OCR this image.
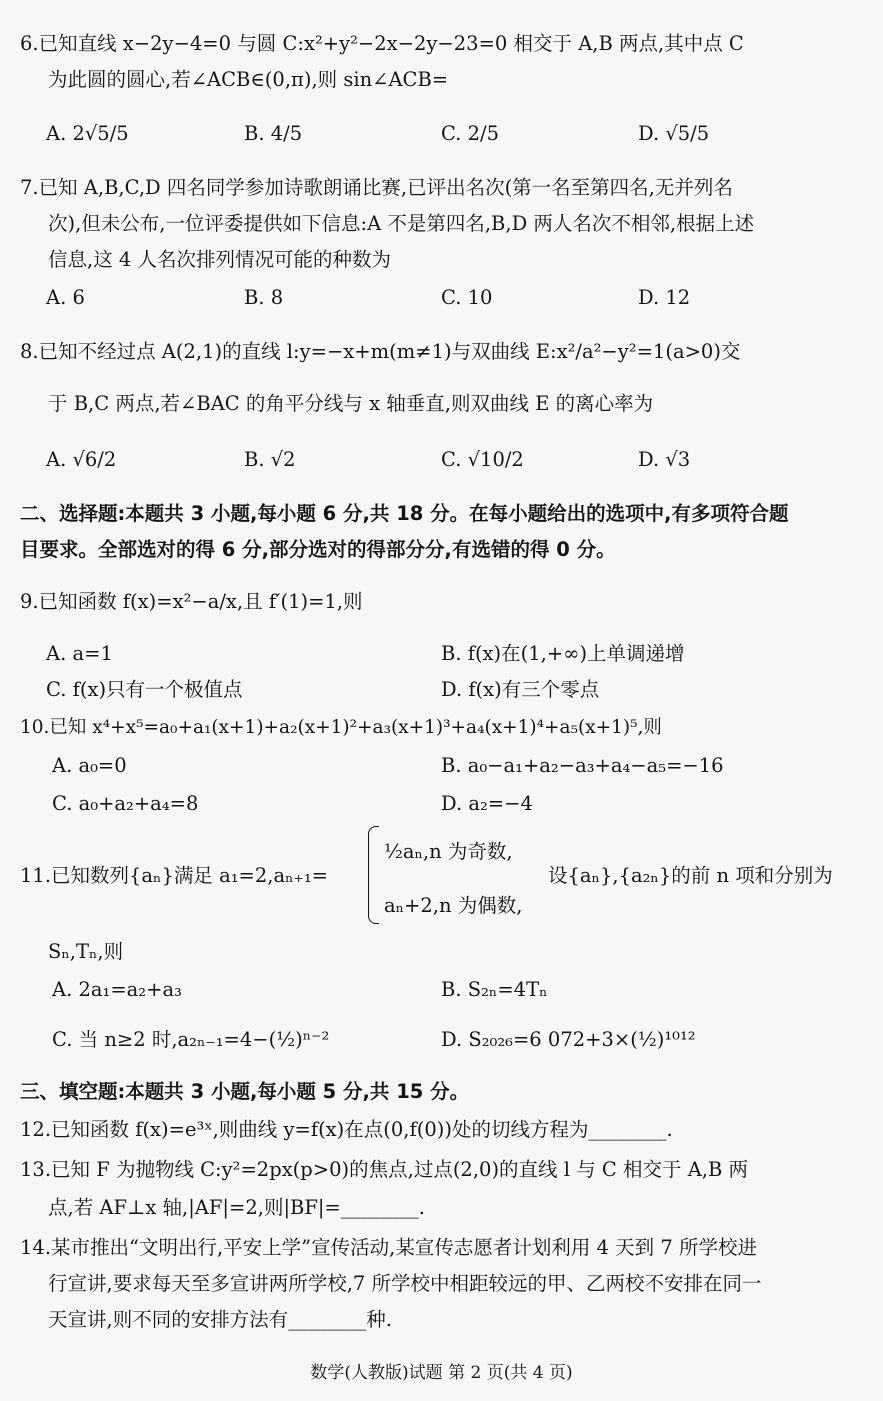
6.已知直线 x−2y−4=0 与圆 C:x²+y²−2x−2y−23=0 相交于 A,B 两点,其中点 C
为此圆的圆心,若∠ACB∈(0,π),则 sin∠ACB=
A. 2√5/5	B. 4/5	C. 2/5	D. √5/5
7.已知 A,B,C,D 四名同学参加诗歌朗诵比赛,已评出名次(第一名至第四名,无并列名
次),但未公布,一位评委提供如下信息:A 不是第四名,B,D 两人名次不相邻,根据上述
信息,这 4 人名次排列情况可能的种数为
A. 6	B. 8	C. 10	D. 12
8.已知不经过点 A(2,1)的直线 l:y=−x+m(m≠1)与双曲线 E:x²/a²−y²=1(a>0)交
于 B,C 两点,若∠BAC 的角平分线与 x 轴垂直,则双曲线 E 的离心率为
A. √6/2	B. √2	C. √10/2	D. √3
二、选择题:本题共 3 小题,每小题 6 分,共 18 分。在每小题给出的选项中,有多项符合题
目要求。全部选对的得 6 分,部分选对的得部分分,有选错的得 0 分。
9.已知函数 f(x)=x²−a/x,且 f′(1)=1,则
A. a=1	B. f(x)在(1,+∞)上单调递增
C. f(x)只有一个极值点	D. f(x)有三个零点
10.已知 x⁴+x⁵=a₀+a₁(x+1)+a₂(x+1)²+a₃(x+1)³+a₄(x+1)⁴+a₅(x+1)⁵,则
A. a₀=0	B. a₀−a₁+a₂−a₃+a₄−a₅=−16
C. a₀+a₂+a₄=8	D. a₂=−4
11.已知数列{aₙ}满足 a₁=2,aₙ₊₁=
½aₙ,n 为奇数,
aₙ+2,n 为偶数,
设{aₙ},{a₂ₙ}的前 n 项和分别为
Sₙ,Tₙ,则
A. 2a₁=a₂+a₃	B. S₂ₙ=4Tₙ
C. 当 n≥2 时,a₂ₙ₋₁=4−(½)ⁿ⁻²	D. S₂₀₂₆=6 072+3×(½)¹⁰¹²
三、填空题:本题共 3 小题,每小题 5 分,共 15 分。
12.已知函数 f(x)=e³ˣ,则曲线 y=f(x)在点(0,f(0))处的切线方程为________.
13.已知 F 为抛物线 C:y²=2px(p>0)的焦点,过点(2,0)的直线 l 与 C 相交于 A,B 两
点,若 AF⊥x 轴,|AF|=2,则|BF|=________.
14.某市推出“文明出行,平安上学”宣传活动,某宣传志愿者计划利用 4 天到 7 所学校进
行宣讲,要求每天至多宣讲两所学校,7 所学校中相距较远的甲、乙两校不安排在同一
天宣讲,则不同的安排方法有________种.
数学(人教版)试题 第 2 页(共 4 页)
